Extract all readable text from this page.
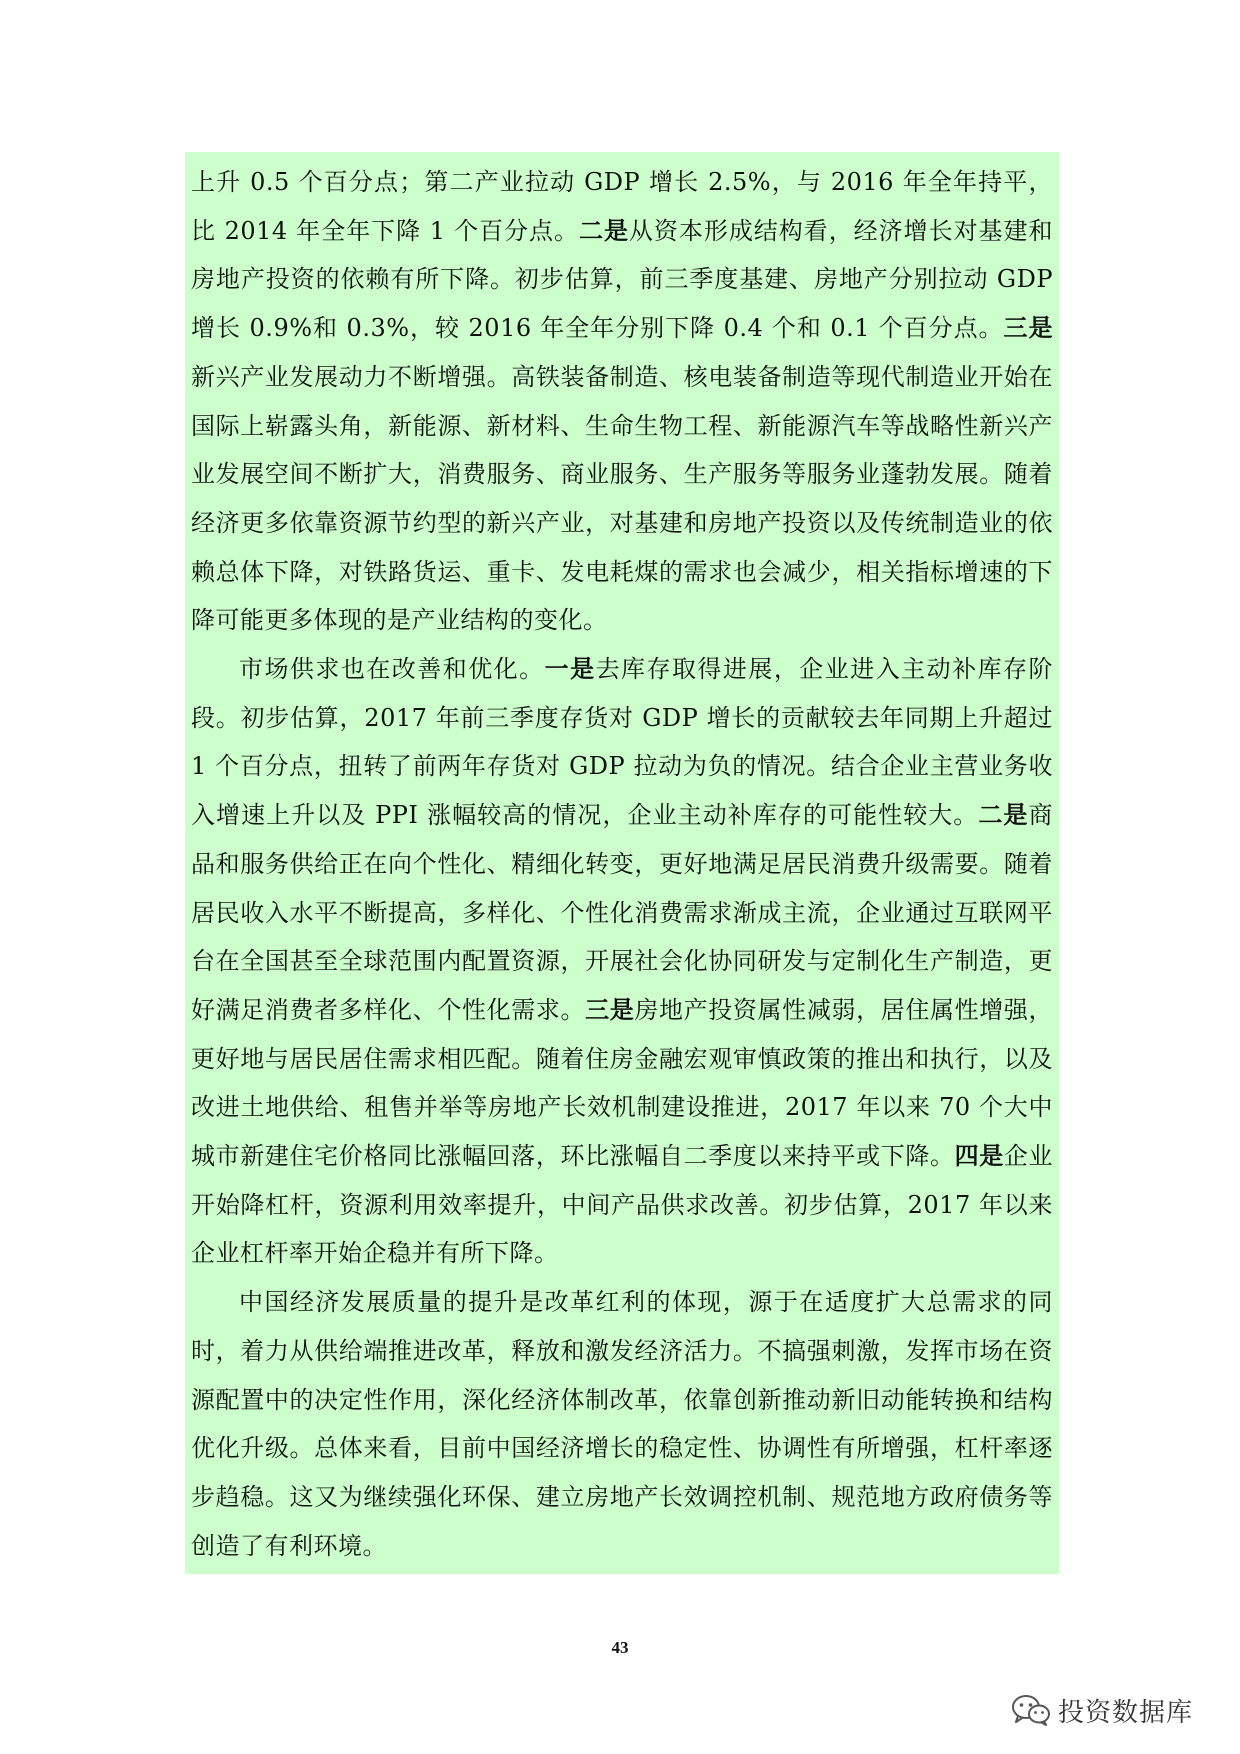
上升 0.5 个百分点；第二产业拉动 GDP 增长 2.5%，与 2016 年全年持平，比 2014 年全年下降 1 个百分点。二是从资本形成结构看，经济增长对基建和房地产投资的依赖有所下降。初步估算，前三季度基建、房地产分别拉动 GDP 增长 0.9%和 0.3%，较 2016 年全年分别下降 0.4 个和 0.1 个百分点。三是新兴产业发展动力不断增强。高铁装备制造、核电装备制造等现代制造业开始在国际上崭露头角，新能源、新材料、生命生物工程、新能源汽车等战略性新兴产业发展空间不断扩大，消费服务、商业服务、生产服务等服务业蓬勃发展。随着经济更多依靠资源节约型的新兴产业，对基建和房地产投资以及传统制造业的依赖总体下降，对铁路货运、重卡、发电耗煤的需求也会减少，相关指标增速的下降可能更多体现的是产业结构的变化。

市场供求也在改善和优化。一是去库存取得进展，企业进入主动补库存阶段。初步估算，2017 年前三季度存货对 GDP 增长的贡献较去年同期上升超过 1 个百分点，扭转了前两年存货对 GDP 拉动为负的情况。结合企业主营业务收入增速上升以及 PPI 涨幅较高的情况，企业主动补库存的可能性较大。二是商品和服务供给正在向个性化、精细化转变，更好地满足居民消费升级需要。随着居民收入水平不断提高，多样化、个性化消费需求渐成主流，企业通过互联网平台在全国甚至全球范围内配置资源，开展社会化协同研发与定制化生产制造，更好满足消费者多样化、个性化需求。三是房地产投资属性减弱，居住属性增强，更好地与居民居住需求相匹配。随着住房金融宏观审慎政策的推出和执行，以及改进土地供给、租售并举等房地产长效机制建设推进，2017 年以来 70 个大中城市新建住宅价格同比涨幅回落，环比涨幅自二季度以来持平或下降。四是企业开始降杠杆，资源利用效率提升，中间产品供求改善。初步估算，2017 年以来企业杠杆率开始企稳并有所下降。

中国经济发展质量的提升是改革红利的体现，源于在适度扩大总需求的同时，着力从供给端推进改革，释放和激发经济活力。不搞强刺激，发挥市场在资源配置中的决定性作用，深化经济体制改革，依靠创新推动新旧动能转换和结构优化升级。总体来看，目前中国经济增长的稳定性、协调性有所增强，杠杆率逐步趋稳。这又为继续强化环保、建立房地产长效调控机制、规范地方政府债务等创造了有利环境。

43
投资数据库
